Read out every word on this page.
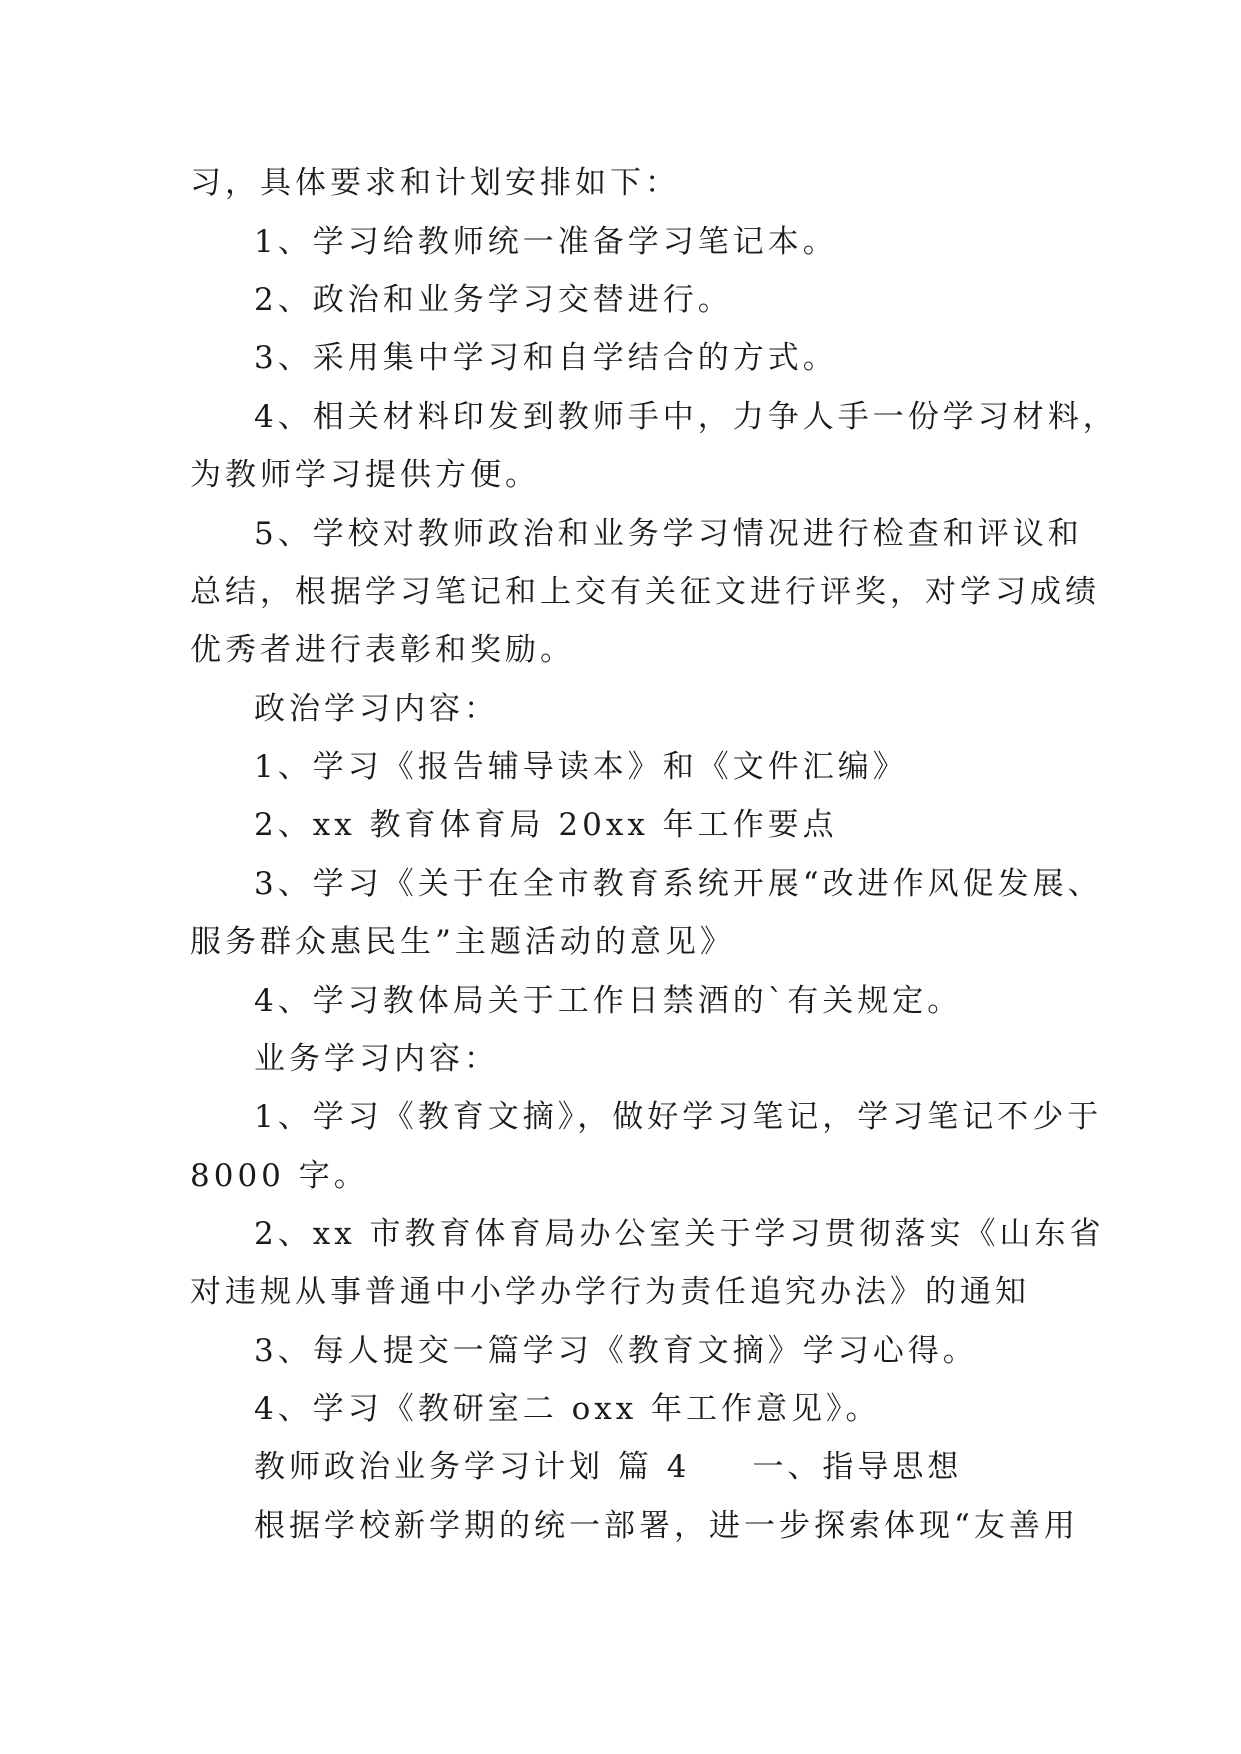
习，具体要求和计划安排如下：
1、学习给教师统一准备学习笔记本。
2、政治和业务学习交替进行。
3、采用集中学习和自学结合的方式。
4、相关材料印发到教师手中，力争人手一份学习材料，
为教师学习提供方便。
5、学校对教师政治和业务学习情况进行检查和评议和
总结，根据学习笔记和上交有关征文进行评奖，对学习成绩
优秀者进行表彰和奖励。
政治学习内容：
1、学习《报告辅导读本》和《文件汇编》
2、xx 教育体育局 20xx 年工作要点
3、学习《关于在全市教育系统开展“改进作风促发展、
服务群众惠民生”主题活动的意见》
4、学习教体局关于工作日禁酒的`有关规定。
业务学习内容：
1、学习《教育文摘》，做好学习笔记，学习笔记不少于
8000 字。
2、xx 市教育体育局办公室关于学习贯彻落实《山东省
对违规从事普通中小学办学行为责任追究办法》的通知
3、每人提交一篇学习《教育文摘》学习心得。
4、学习《教研室二 oxx 年工作意见》。
教师政治业务学习计划 篇 4 一、指导思想
根据学校新学期的统一部署，进一步探索体现“友善用
